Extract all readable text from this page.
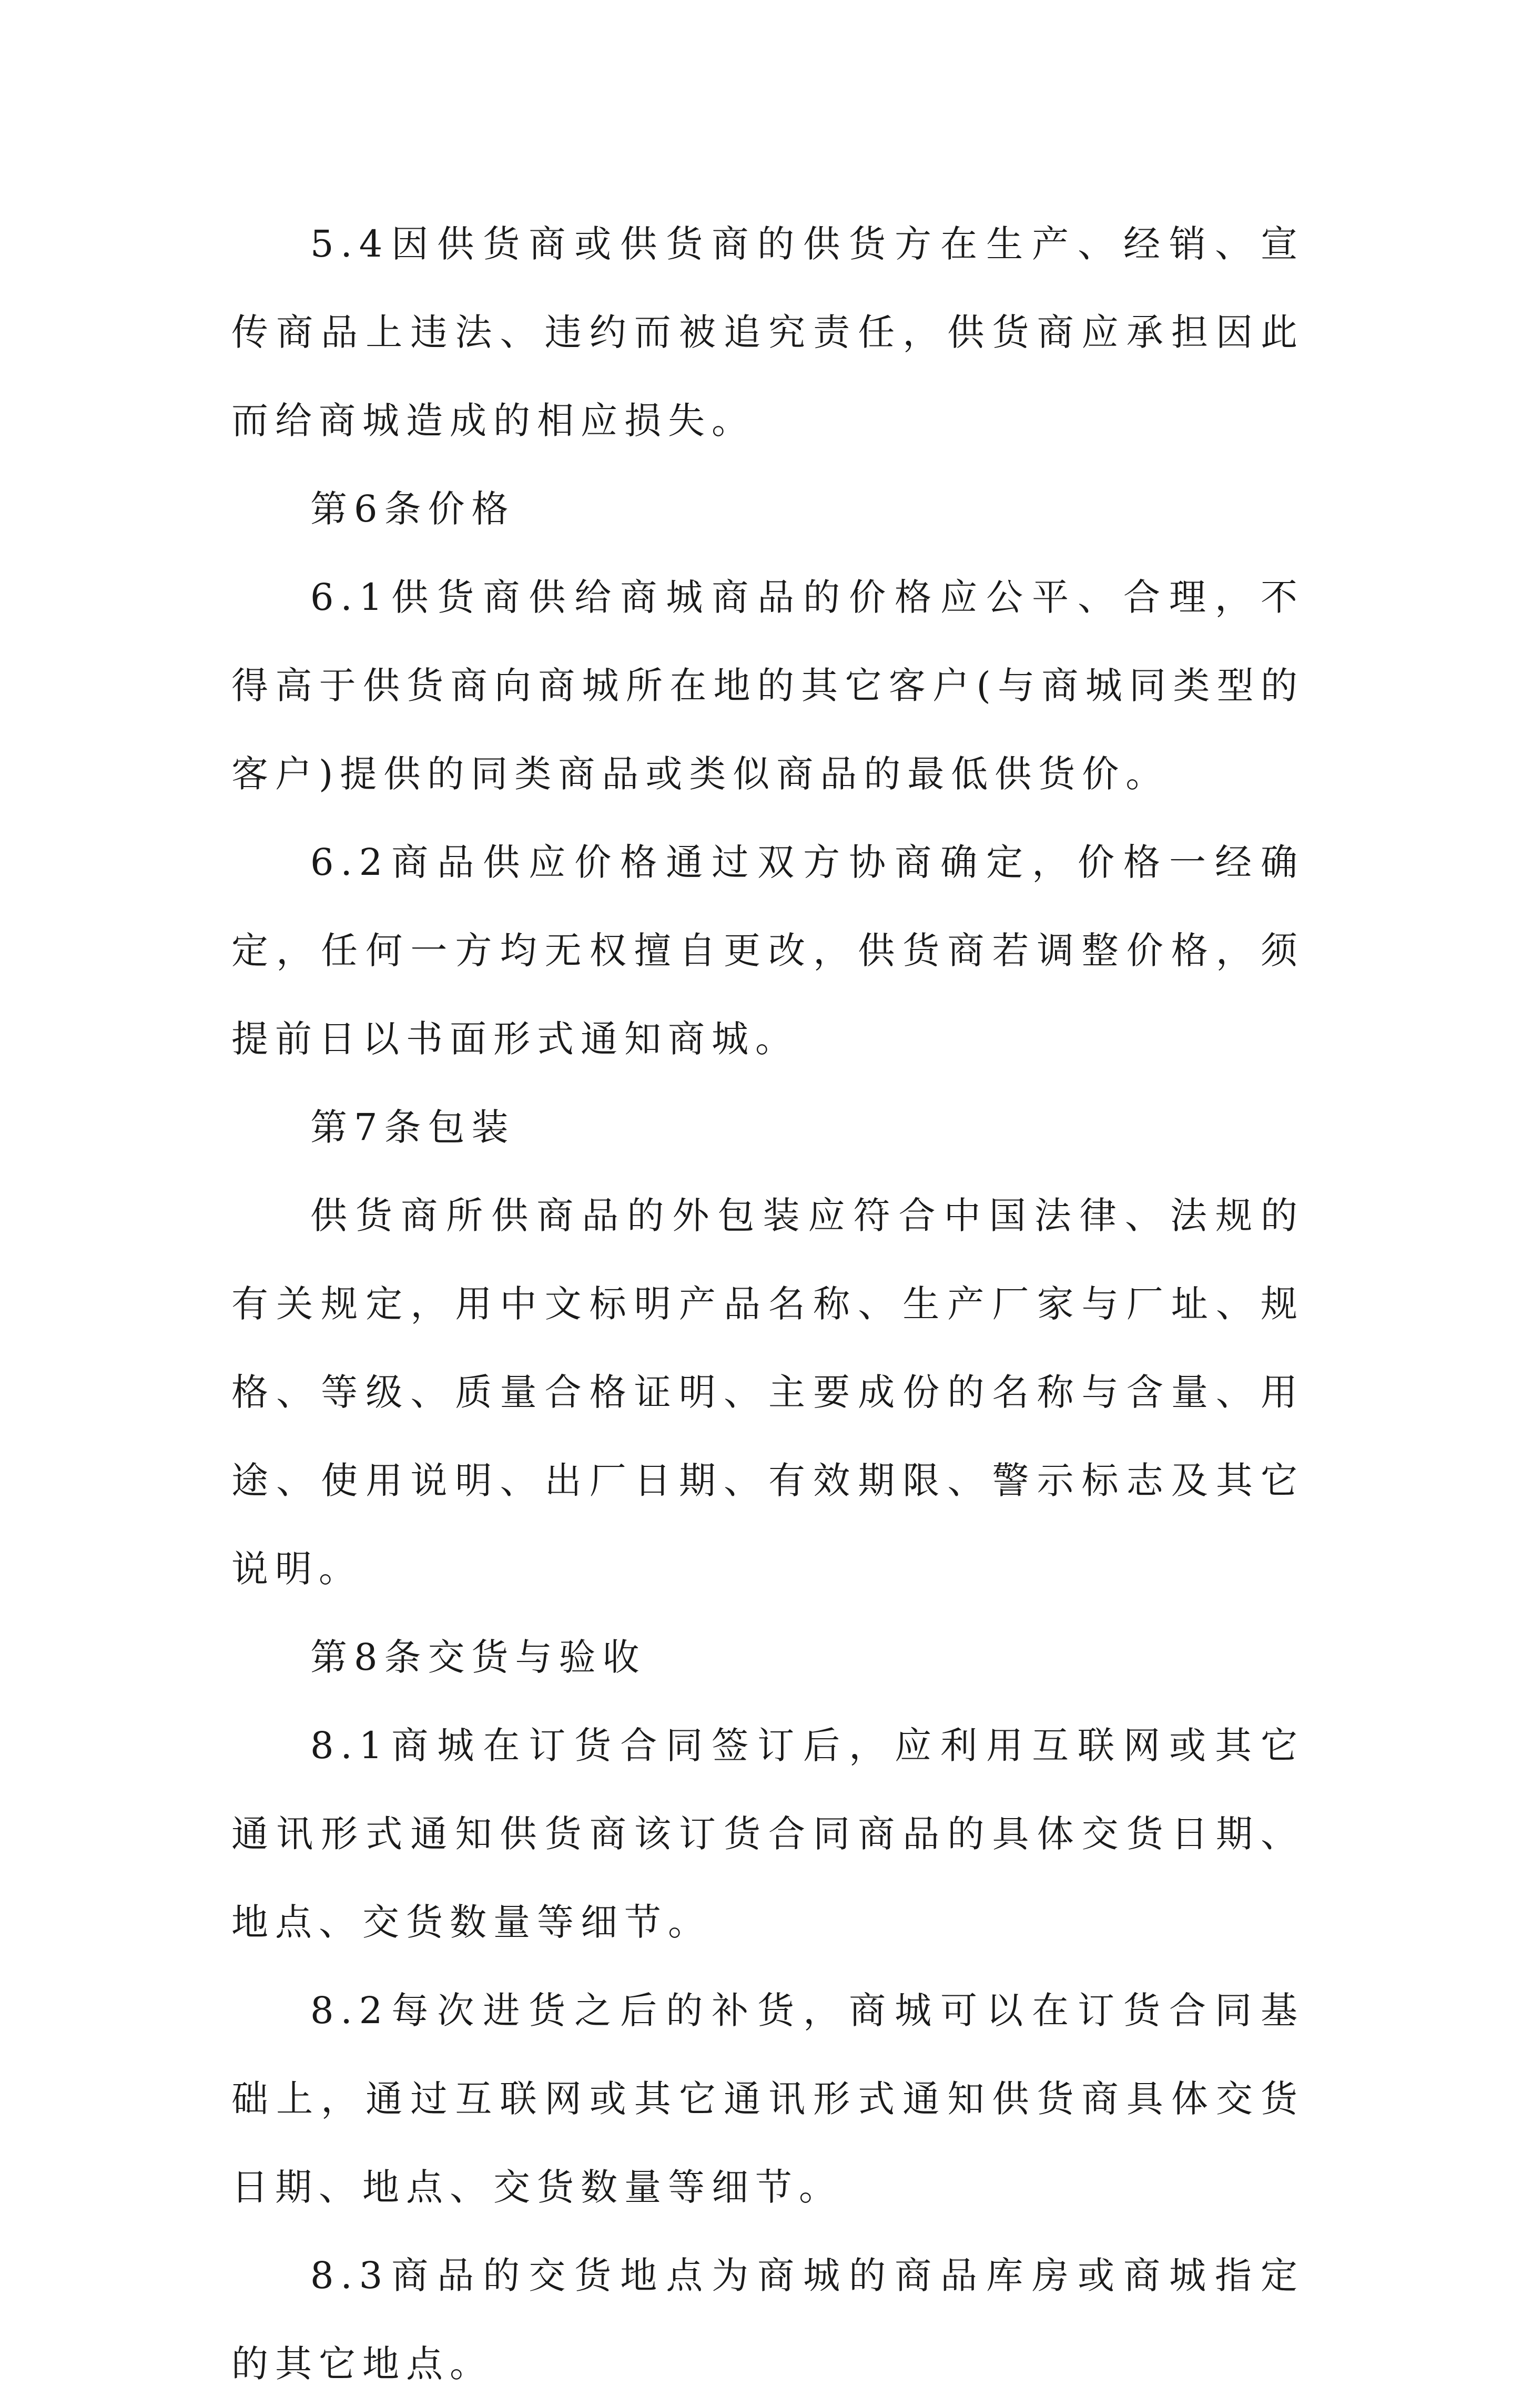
5.4因供货商或供货商的供货方在生产、经销、宣传商品上违法、违约而被追究责任，供货商应承担因此而给商城造成的相应损失。

第6条价格

6.1供货商供给商城商品的价格应公平、合理，不得高于供货商向商城所在地的其它客户(与商城同类型的客户)提供的同类商品或类似商品的最低供货价。

6.2商品供应价格通过双方协商确定，价格一经确定，任何一方均无权擅自更改，供货商若调整价格，须提前日以书面形式通知商城。

第7条包装

供货商所供商品的外包装应符合中国法律、法规的有关规定，用中文标明产品名称、生产厂家与厂址、规格、等级、质量合格证明、主要成份的名称与含量、用途、使用说明、出厂日期、有效期限、警示标志及其它说明。

第8条交货与验收

8.1商城在订货合同签订后，应利用互联网或其它通讯形式通知供货商该订货合同商品的具体交货日期、地点、交货数量等细节。

8.2每次进货之后的补货，商城可以在订货合同基础上，通过互联网或其它通讯形式通知供货商具体交货日期、地点、交货数量等细节。

8.3商品的交货地点为商城的商品库房或商城指定的其它地点。
